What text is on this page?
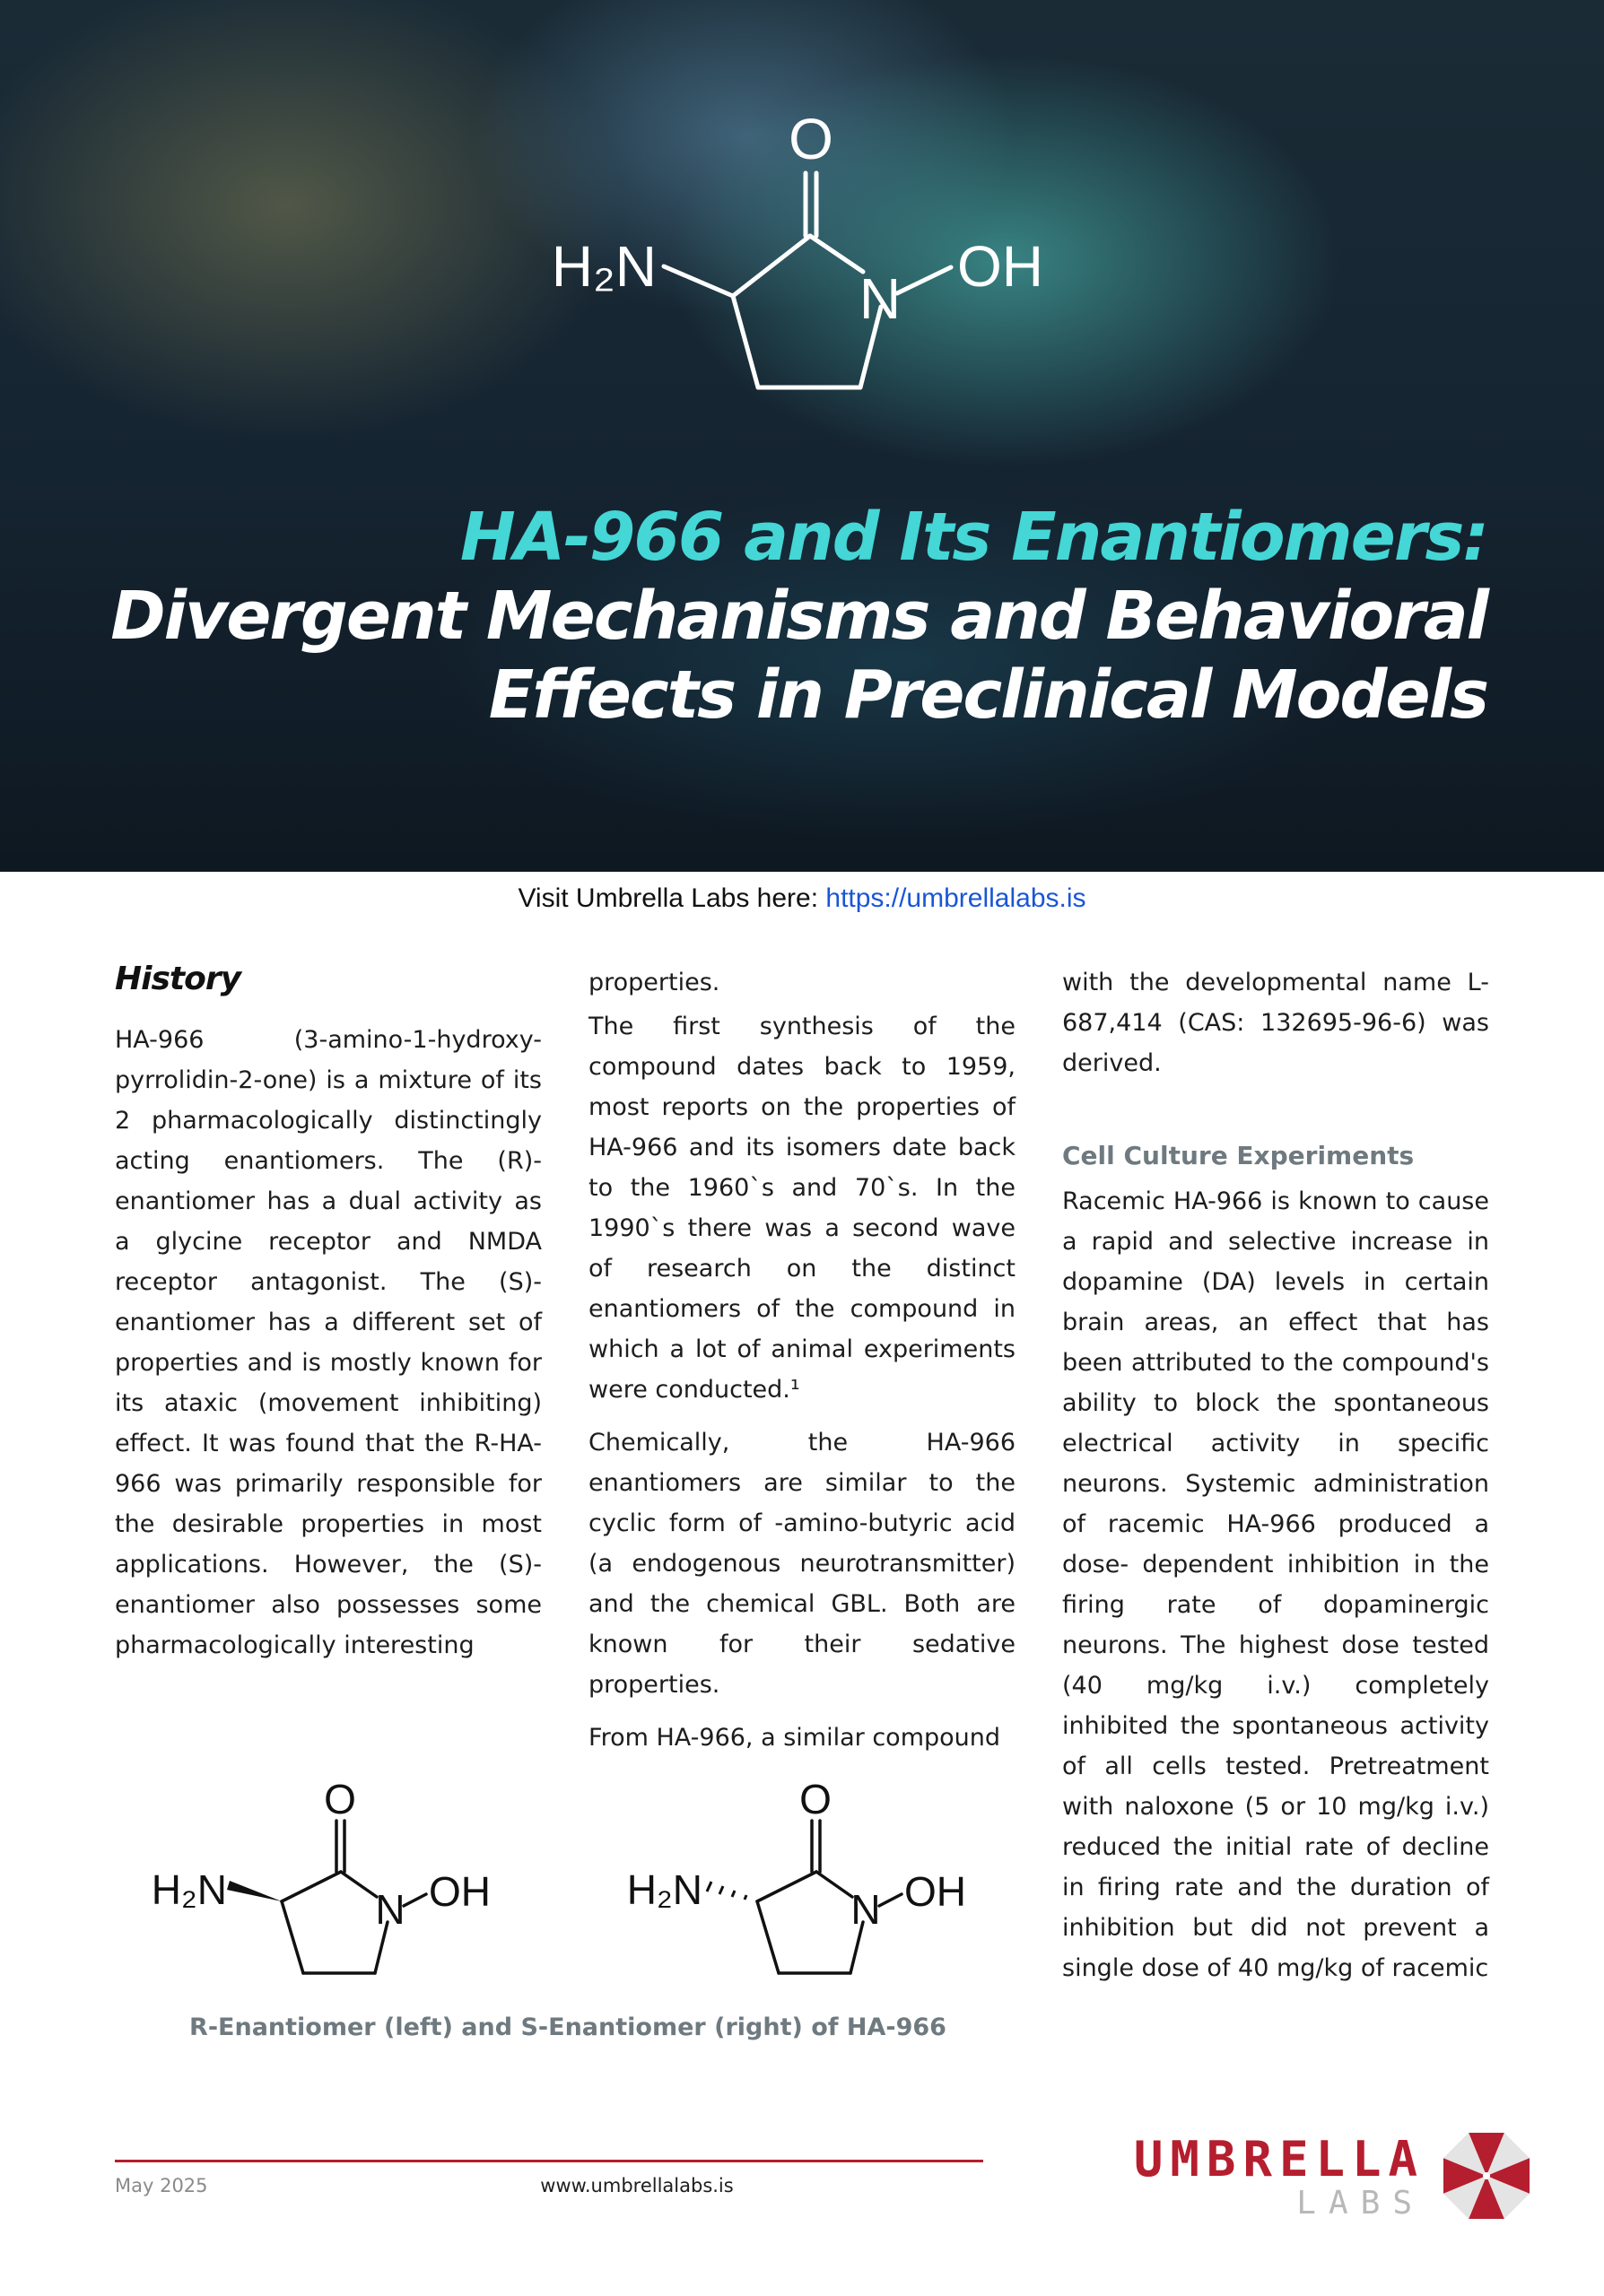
O
N OH
H₂N
HA-966 and Its Enantiomers:
Divergent Mechanisms and Behavioral
Effects in Preclinical Models
Visit Umbrella Labs here: https://umbrellalabs.is
History

HA-966 (3-amino-1-hydroxy-pyrrolidin-2-one) is a mixture of its 2 pharmacologically distinctingly acting enantiomers. The (R)-enantiomer has a dual activity as a glycine receptor and NMDA receptor antagonist. The (S)-enantiomer has a different set of properties and is mostly known for its ataxic (movement inhibiting) effect. It was found that the R-HA-966 was primarily responsible for the desirable properties in most applications. However, the (S)-enantiomer also possesses some pharmacologically interesting

properties.

The first synthesis of the compound dates back to 1959, most reports on the properties of HA-966 and its isomers date back to the 1960`s and 70`s. In the 1990`s there was a second wave of research on the distinct enantiomers of the compound in which a lot of animal experiments were conducted.¹

Chemically, the HA-966 enantiomers are similar to the cyclic form of -amino-butyric acid (a endogenous neurotransmitter) and the chemical GBL. Both are known for their sedative properties.

From HA-966, a similar compound

with the developmental name L-687,414 (CAS: 132695-96-6) was derived.

Cell Culture Experiments

Racemic HA-966 is known to cause a rapid and selective increase in dopamine (DA) levels in certain brain areas, an effect that has been attributed to the compound's ability to block the spontaneous electrical activity in specific neurons. Systemic administration of racemic HA-966 produced a dose- dependent inhibition in the firing rate of dopaminergic neurons. The highest dose tested (40 mg/kg i.v.) completely inhibited the spontaneous activity of all cells tested. Pretreatment with naloxone (5 or 10 mg/kg i.v.) reduced the initial rate of decline in firing rate and the duration of inhibition but did not prevent a single dose of 40 mg/kg of racemic

O
N OH
H₂N
O
N OH
H₂N
R-Enantiomer (left) and S-Enantiomer (right) of HA-966
May 2025	www.umbrellalabs.is	UMBRELLA
LABS
